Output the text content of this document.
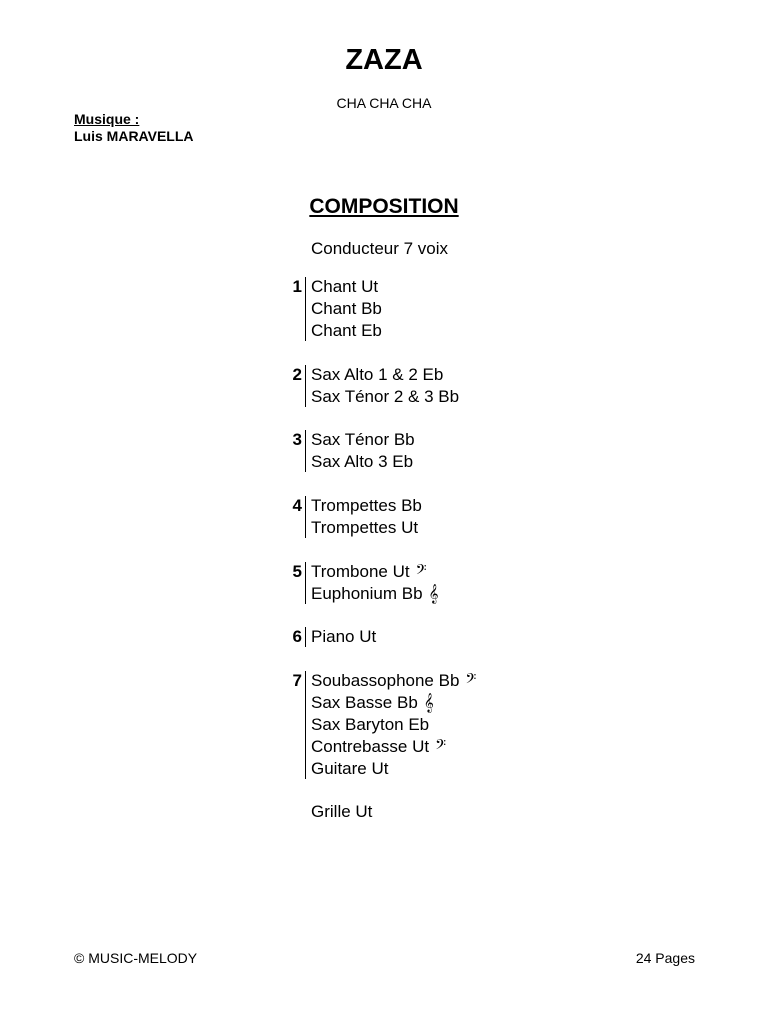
ZAZA
CHA CHA CHA
Musique :
Luis MARAVELLA
COMPOSITION
Conducteur 7 voix
1 Chant Ut
Chant Bb
Chant Eb
2 Sax Alto 1 & 2 Eb
Sax Ténor 2 & 3 Bb
3 Sax Ténor Bb
Sax Alto 3 Eb
4 Trompettes Bb
Trompettes Ut
5 Trombone Ut 𝄢
Euphonium Bb 𝄞
6 Piano Ut
7 Soubassophone Bb 𝄢
Sax Basse Bb 𝄞
Sax Baryton Eb
Contrebasse Ut 𝄢
Guitare Ut
Grille Ut
© MUSIC-MELODY	24 Pages
